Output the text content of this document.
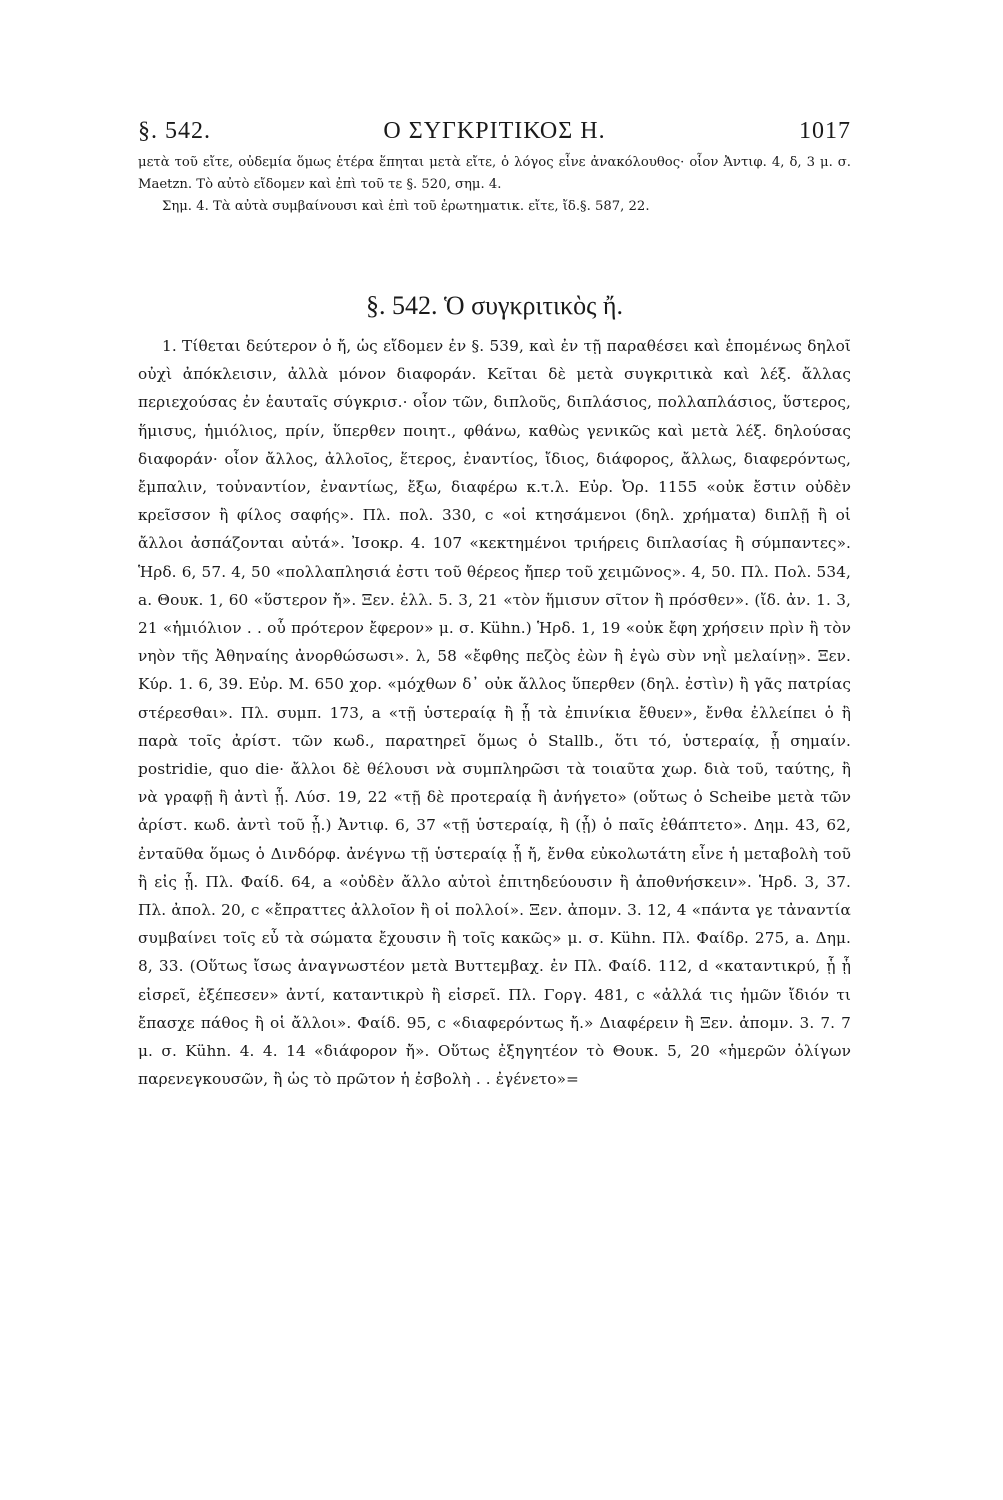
§. 542.	Ο ΣΥΓΚΡΙΤΙΚΟΣ Η.	1017

μετὰ τοῦ εἴτε, οὐδεμία ὅμως ἑτέρα ἕπηται μετὰ εἴτε, ὁ λόγος εἶνε ἀνακόλουθος· οἷον Ἀντιφ. 4, δ, 3 μ. σ. Maetzn. Τὸ αὐτὸ εἴδομεν καὶ ἐπὶ τοῦ τε §. 520, σημ. 4.

Σημ. 4. Τὰ αὐτὰ συμβαίνουσι καὶ ἐπὶ τοῦ ἐρωτηματικ. εἴτε, ἴδ.§. 587, 22.

§. 542. Ὁ συγκριτικὸς ἤ.

1. Τίθεται δεύτερον ὁ ἤ, ὡς εἴδομεν ἐν §. 539, καὶ ἐν τῇ παραθέσει καὶ ἑπομένως δηλοῖ οὐχὶ ἀπόκλεισιν, ἀλλὰ μόνον διαφοράν. Κεῖται δὲ μετὰ συγκριτικὰ καὶ λέξ. ἄλλας περιεχούσας ἐν ἑαυταῖς σύγκρισ.· οἷον τῶν, διπλοῦς, διπλάσιος, πολλαπλάσιος, ὕστερος, ἥμισυς, ἡμιόλιος, πρίν, ὕπερθεν ποιητ., φθάνω, καθὼς γενικῶς καὶ μετὰ λέξ. δηλούσας διαφοράν· οἷον ἄλλος, ἀλλοῖος, ἕτερος, ἐναντίος, ἴδιος, διάφορος, ἄλλως, διαφερόντως, ἔμπαλιν, τοὐναντίον, ἐναντίως, ἔξω, διαφέρω κ.τ.λ. Εὐρ. Ὀρ. 1155 «οὐκ ἔστιν οὐδὲν κρεῖσσον ἢ φίλος σαφής». Πλ. πολ. 330, c «οἱ κτησάμενοι (δηλ. χρήματα) διπλῇ ἢ οἱ ἄλλοι ἀσπάζονται αὐτά». Ἰσοκρ. 4. 107 «κεκτημένοι τριήρεις διπλασίας ἢ σύμπαντες». Ἡρδ. 6, 57. 4, 50 «πολλαπλησιά ἐστι τοῦ θέρεος ἤπερ τοῦ χειμῶνος». 4, 50. Πλ. Πολ. 534, a. Θουκ. 1, 60 «ὕστερον ἤ». Ξεν. ἑλλ. 5. 3, 21 «τὸν ἥμισυν σῖτον ἢ πρόσθεν». (ἴδ. ἀν. 1. 3, 21 «ἡμιόλιον . . οὗ πρότερον ἔφερον» μ. σ. Kühn.) Ἡρδ. 1, 19 «οὐκ ἔφη χρήσειν πρὶν ἢ τὸν νηὸν τῆς Ἀθηναίης ἀνορθώσωσι». λ, 58 «ἔφθης πεζὸς ἐὼν ἢ ἐγὼ σὺν νηῒ μελαίνῃ». Ξεν. Κύρ. 1. 6, 39. Εὐρ. Μ. 650 χορ. «μόχθων δ᾿ οὐκ ἄλλος ὕπερθεν (δηλ. ἐστὶν) ἢ γᾶς πατρίας στέρεσθαι». Πλ. συμπ. 173, a «τῇ ὑστεραίᾳ ἢ ᾗ τὰ ἐπινίκια ἔθυεν», ἔνθα ἐλλείπει ὁ ἢ παρὰ τοῖς ἀρίστ. τῶν κωδ., παρατηρεῖ ὅμως ὁ Stallb., ὅτι τό, ὑστεραίᾳ, ᾗ σημαίν. postridie, quo die· ἄλλοι δὲ θέλουσι νὰ συμπληρῶσι τὰ τοιαῦτα χωρ. διὰ τοῦ, ταύτης, ἢ νὰ γραφῇ ἢ ἀντὶ ᾗ. Λύσ. 19, 22 «τῇ δὲ προτεραίᾳ ἢ ἀνήγετο» (οὕτως ὁ Scheibe μετὰ τῶν ἀρίστ. κωδ. ἀντὶ τοῦ ᾗ.) Ἀντιφ. 6, 37 «τῇ ὑστεραίᾳ, ἢ (ᾗ) ὁ παῖς ἐθάπτετο». Δημ. 43, 62, ἐνταῦθα ὅμως ὁ Δινδόρφ. ἀνέγνω τῇ ὑστεραίᾳ ᾗ ἤ, ἔνθα εὐκολωτάτη εἶνε ἡ μεταβολὴ τοῦ ἢ εἰς ᾗ. Πλ. Φαίδ. 64, a «οὐδὲν ἄλλο αὐτοὶ ἐπιτηδεύουσιν ἢ ἀποθνήσκειν». Ἡρδ. 3, 37. Πλ. ἀπολ. 20, c «ἔπραττες ἀλλοῖον ἢ οἱ πολλοί». Ξεν. ἀπομν. 3. 12, 4 «πάντα γε τἀναντία συμβαίνει τοῖς εὖ τὰ σώματα ἔχουσιν ἢ τοῖς κακῶς» μ. σ. Kühn. Πλ. Φαίδρ. 275, a. Δημ. 8, 33. (Οὕτως ἴσως ἀναγνωστέον μετὰ Βυττεμβαχ. ἐν Πλ. Φαίδ. 112, d «καταντικρύ, ᾗ ᾗ εἰσρεῖ, ἐξέπεσεν» ἀντί, καταντικρὺ ἢ εἰσρεῖ. Πλ. Γοργ. 481, c «ἀλλά τις ἡμῶν ἴδιόν τι ἔπασχε πάθος ἢ οἱ ἄλλοι». Φαίδ. 95, c «διαφερόντως ἤ.» Διαφέρειν ἢ Ξεν. ἀπομν. 3. 7. 7 μ. σ. Kühn. 4. 4. 14 «διάφορον ἤ». Οὕτως ἐξηγητέον τὸ Θουκ. 5, 20 «ἡμερῶν ὀλίγων παρενεγκουσῶν, ἢ ὡς τὸ πρῶτον ἡ ἐσβολὴ . . ἐγένετο»=
